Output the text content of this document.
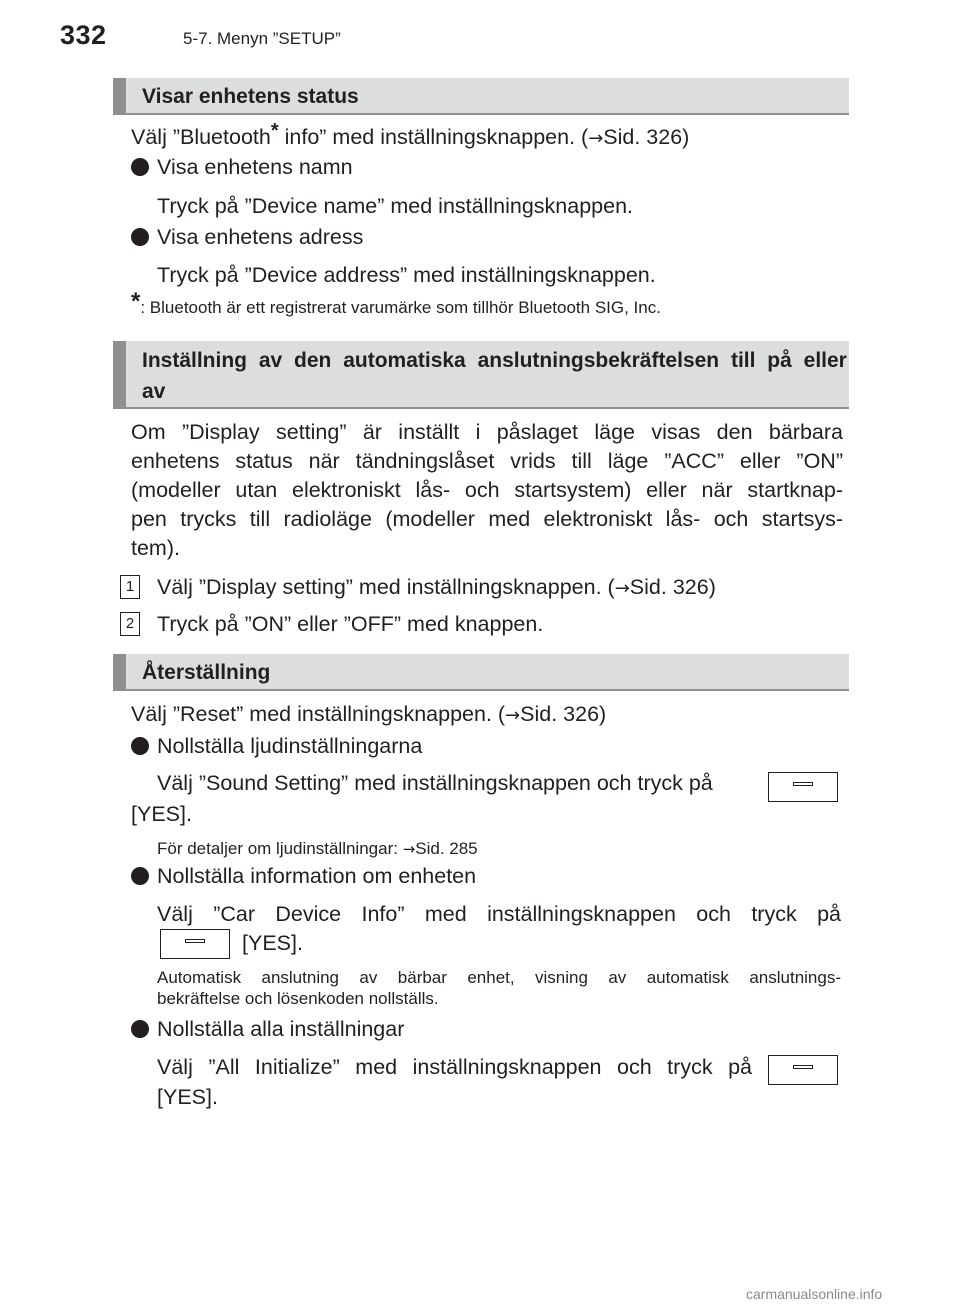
332	5-7. Menyn ”SETUP”
Visar enhetens status
Välj ”Bluetooth* info” med inställningsknappen. (→Sid. 326)
Visa enhetens namn
Tryck på ”Device name” med inställningsknappen.
Visa enhetens adress
Tryck på ”Device address” med inställningsknappen.
*: Bluetooth är ett registrerat varumärke som tillhör Bluetooth SIG, Inc.
Inställning av den automatiska anslutningsbekräftelsen till på eller
av
Om ”Display setting” är inställt i påslaget läge visas den bärbara
enhetens status när tändningslåset vrids till läge ”ACC” eller ”ON”
(modeller utan elektroniskt lås- och startsystem) eller när startknap-
pen trycks till radioläge (modeller med elektroniskt lås- och startsys-
tem).
1 Välj ”Display setting” med inställningsknappen. (→Sid. 326)
2 Tryck på ”ON” eller ”OFF” med knappen.
Återställning
Välj ”Reset” med inställningsknappen. (→Sid. 326)
Nollställa ljudinställningarna
Välj ”Sound Setting” med inställningsknappen och tryck på
[YES].
För detaljer om ljudinställningar: →Sid. 285
Nollställa information om enheten
Välj ”Car Device Info” med inställningsknappen och tryck på
[YES].
Automatisk anslutning av bärbar enhet, visning av automatisk anslutnings-
bekräftelse och lösenkoden nollställs.
Nollställa alla inställningar
Välj ”All Initialize” med inställningsknappen och tryck på
[YES].
carmanualsonline.info
